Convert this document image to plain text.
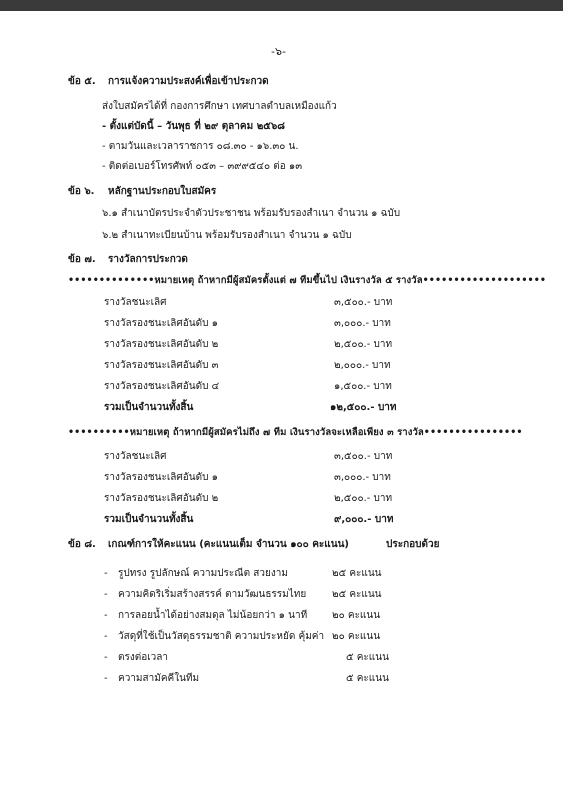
-๖-
ข้อ ๕. การแจ้งความประสงค์เพื่อเข้าประกวด
ส่งใบสมัครได้ที่ กองการศึกษา เทศบาลตำบลเหมืองแก้ว
- ตั้งแต่บัดนี้ – วันพุธ ที่ ๒๙ ตุลาคม ๒๕๖๘
- ตามวันและเวลาราชการ ๐๘.๓๐ - ๑๖.๓๐ น.
- ติดต่อเบอร์โทรศัพท์ ๐๕๓ – ๓๙๙๕๔๐ ต่อ ๑๓
ข้อ ๖. หลักฐานประกอบใบสมัคร
๖.๑ สำเนาบัตรประจำตัวประชาชน พร้อมรับรองสำเนา จำนวน ๑ ฉบับ
๖.๒ สำเนาทะเบียนบ้าน พร้อมรับรองสำเนา จำนวน ๑ ฉบับ
ข้อ ๗. รางวัลการประกวด
••••••••••••••หมายเหตุ ถ้าหากมีผู้สมัครตั้งแต่ ๗ ทีมขึ้นไป เงินรางวัล ๕ รางวัล••••••••••••••••••••
รางวัลชนะเลิศ	๓,๕๐๐.- บาท
รางวัลรองชนะเลิศอันดับ ๑	๓,๐๐๐.- บาท
รางวัลรองชนะเลิศอันดับ ๒	๒,๕๐๐.- บาท
รางวัลรองชนะเลิศอันดับ ๓	๒,๐๐๐.- บาท
รางวัลรองชนะเลิศอันดับ ๔	๑,๕๐๐.- บาท
รวมเป็นจำนวนทั้งสิ้น	๑๒,๕๐๐.- บาท
••••••••••หมายเหตุ ถ้าหากมีผู้สมัครไม่ถึง ๗ ทีม เงินรางวัลจะเหลือเพียง ๓ รางวัล••••••••••••••••
รางวัลชนะเลิศ	๓,๕๐๐.- บาท
รางวัลรองชนะเลิศอันดับ ๑	๓,๐๐๐.- บาท
รางวัลรองชนะเลิศอันดับ ๒	๒,๕๐๐.- บาท
รวมเป็นจำนวนทั้งสิ้น	๙,๐๐๐.- บาท
ข้อ ๘. เกณฑ์การให้คะแนน (คะแนนเต็ม จำนวน ๑๐๐ คะแนน)	ประกอบด้วย
- รูปทรง รูปลักษณ์ ความประณีต สวยงาม	๒๕ คะแนน
- ความคิดริเริ่มสร้างสรรค์ ตามวัฒนธรรมไทย	๒๕ คะแนน
- การลอยน้ำได้อย่างสมดุล ไม่น้อยกว่า ๑ นาที ๒๐ คะแนน
- วัสดุที่ใช้เป็นวัสดุธรรมชาติ ความประหยัด คุ้มค่า ๒๐ คะแนน
- ตรงต่อเวลา	๕ คะแนน
- ความสามัคคีในทีม	๕ คะแนน
